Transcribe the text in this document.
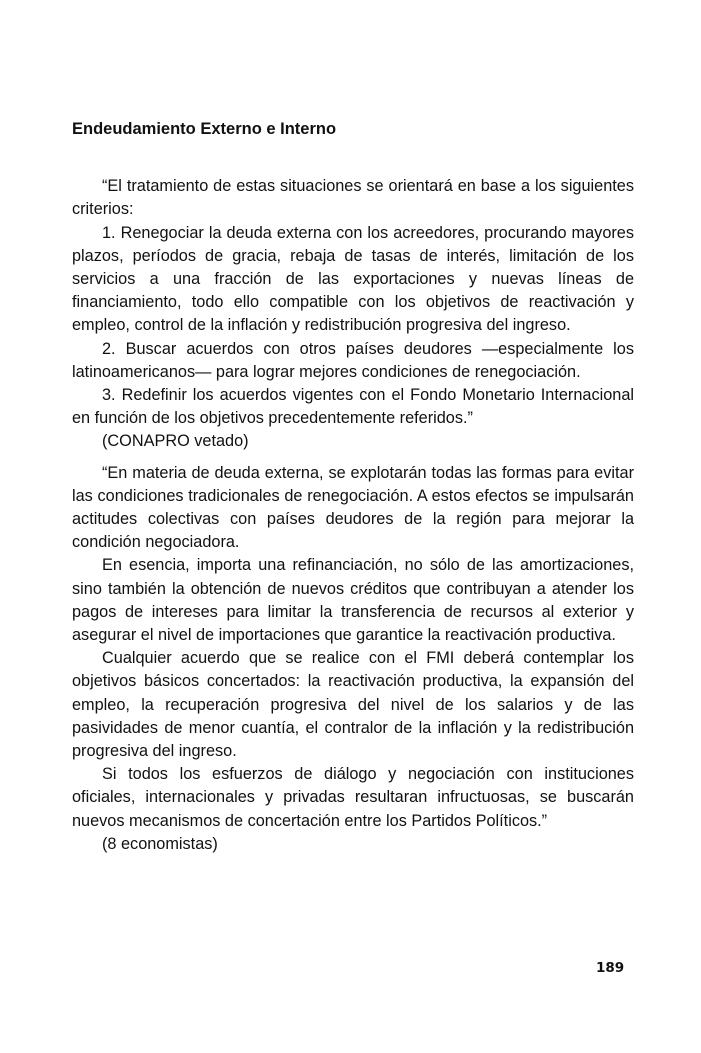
Endeudamiento Externo e Interno

“El tratamiento de estas situaciones se orientará en base a los siguientes criterios:

1. Renegociar la deuda externa con los acreedores, procurando mayores plazos, períodos de gracia, rebaja de tasas de interés, limitación de los servicios a una fracción de las exportaciones y nuevas líneas de financiamiento, todo ello compatible con los objetivos de reactivación y empleo, control de la inflación y redistribución progresiva del ingreso.

2. Buscar acuerdos con otros países deudores —especialmente los latinoamericanos— para lograr mejores condiciones de renegociación.

3. Redefinir los acuerdos vigentes con el Fondo Monetario Internacional en función de los objetivos precedentemente referidos.”

(CONAPRO vetado)

“En materia de deuda externa, se explotarán todas las formas para evitar las condiciones tradicionales de renegociación. A estos efectos se impulsarán actitudes colectivas con países deudores de la región para mejorar la condición negociadora.

En esencia, importa una refinanciación, no sólo de las amortizaciones, sino también la obtención de nuevos créditos que contribuyan a atender los pagos de intereses para limitar la transferencia de recursos al exterior y asegurar el nivel de importaciones que garantice la reactivación productiva.

Cualquier acuerdo que se realice con el FMI deberá contemplar los objetivos básicos concertados: la reactivación productiva, la expansión del empleo, la recuperación progresiva del nivel de los salarios y de las pasividades de menor cuantía, el contralor de la inflación y la redistribución progresiva del ingreso.

Si todos los esfuerzos de diálogo y negociación con instituciones oficiales, internacionales y privadas resultaran infructuosas, se buscarán nuevos mecanismos de concertación entre los Partidos Políticos.”

(8 economistas)

189
